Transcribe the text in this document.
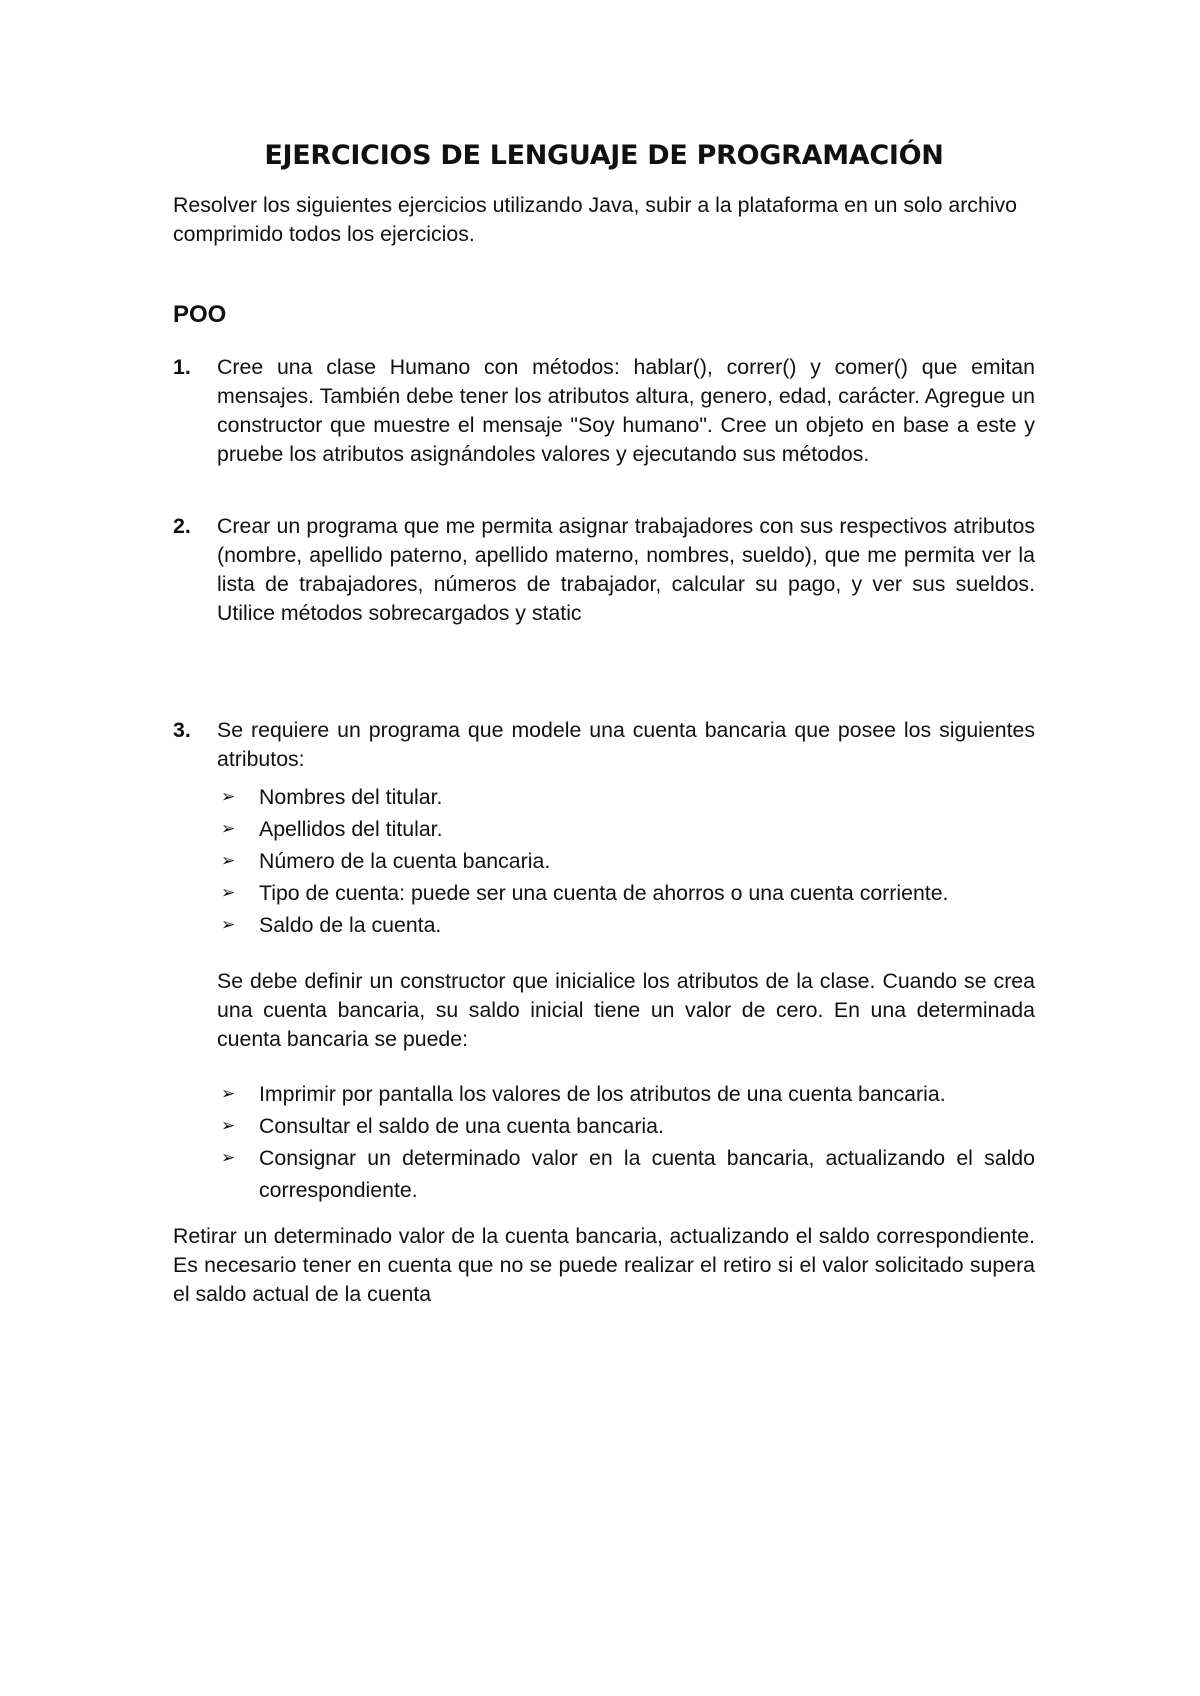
EJERCICIOS DE LENGUAJE DE PROGRAMACIÓN

Resolver los siguientes ejercicios utilizando Java, subir a la plataforma en un solo archivo comprimido todos los ejercicios.

POO
1.	Cree una clase Humano con métodos: hablar(), correr() y comer() que emitan mensajes. También debe tener los atributos altura, genero, edad, carácter. Agregue un constructor que muestre el mensaje "Soy humano". Cree un objeto en base a este y pruebe los atributos asignándoles valores y ejecutando sus métodos.

2.	Crear un programa que me permita asignar trabajadores con sus respectivos atributos (nombre, apellido paterno, apellido materno, nombres, sueldo), que me permita ver la lista de trabajadores, números de trabajador, calcular su pago, y ver sus sueldos. Utilice métodos sobrecargados y static

3.	Se requiere un programa que modele una cuenta bancaria que posee los siguientes atributos:

➢	Nombres del titular.
➢	Apellidos del titular.
➢	Número de la cuenta bancaria.
➢	Tipo de cuenta: puede ser una cuenta de ahorros o una cuenta corriente.
➢	Saldo de la cuenta.

Se debe definir un constructor que inicialice los atributos de la clase. Cuando se crea una cuenta bancaria, su saldo inicial tiene un valor de cero. En una determinada cuenta bancaria se puede:

➢	Imprimir por pantalla los valores de los atributos de una cuenta bancaria.
➢	Consultar el saldo de una cuenta bancaria.
➢	Consignar un determinado valor en la cuenta bancaria, actualizando el saldo correspondiente.

Retirar un determinado valor de la cuenta bancaria, actualizando el saldo correspondiente. Es necesario tener en cuenta que no se puede realizar el retiro si el valor solicitado supera el saldo actual de la cuenta
